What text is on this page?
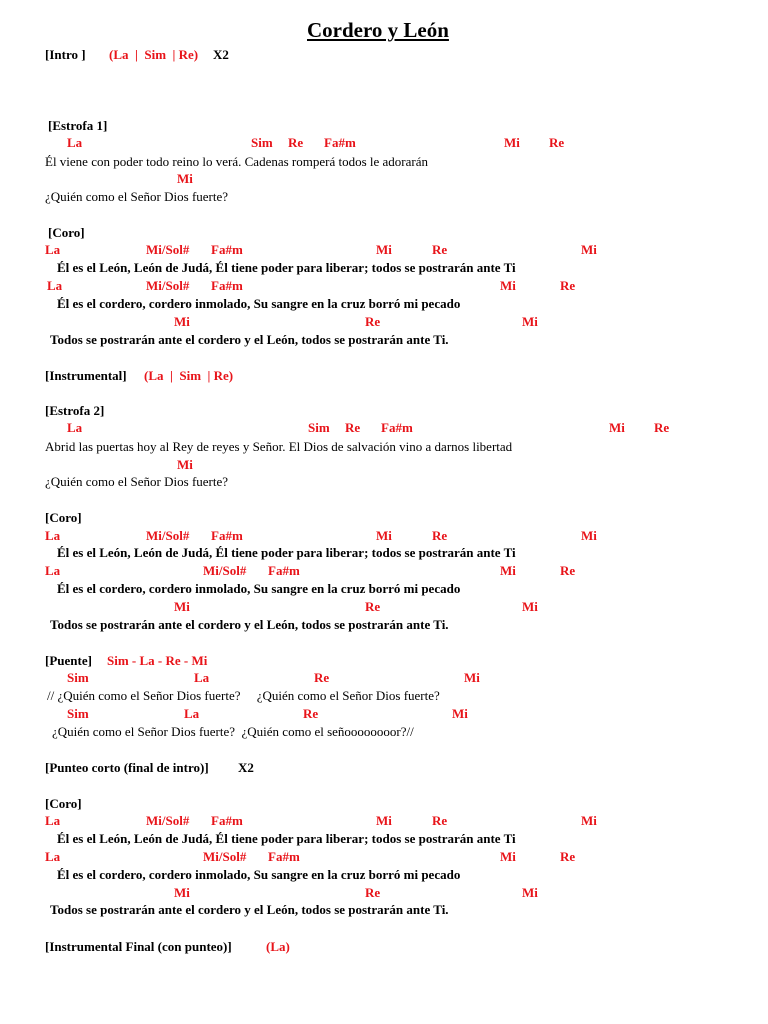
Cordero y León
[Intro ] (La  |  Sim  | Re) X2
[Estrofa 1]
La	Sim Re Fa#m	Mi Re
Él viene con poder todo reino lo verá. Cadenas romperá todos le adorarán
Mi
¿Quién como el Señor Dios fuerte?
[Coro]
La	Mi/Sol# Fa#m	Mi	Re	Mi
Él es el León, León de Judá, Él tiene poder para liberar; todos se postrarán ante Ti
La	Mi/Sol# Fa#m	Mi	Re
Él es el cordero, cordero inmolado, Su sangre en la cruz borró mi pecado
Mi	Re	Mi
Todos se postrarán ante el cordero y el León, todos se postrarán ante Ti.
[Instrumental] (La  |  Sim  | Re)
[Estrofa 2]
La	Sim Re Fa#m	Mi Re
Abrid las puertas hoy al Rey de reyes y Señor. El Dios de salvación vino a darnos libertad
Mi
¿Quién como el Señor Dios fuerte?
[Coro]
La	Mi/Sol# Fa#m	Mi	Re	Mi
Él es el León, León de Judá, Él tiene poder para liberar; todos se postrarán ante Ti
La	Mi/Sol# Fa#m	Mi	Re
Él es el cordero, cordero inmolado, Su sangre en la cruz borró mi pecado
Mi	Re	Mi
Todos se postrarán ante el cordero y el León, todos se postrarán ante Ti.
[Puente] Sim - La - Re - Mi
Sim	La	Re	Mi
// ¿Quién como el Señor Dios fuerte?     ¿Quién como el Señor Dios fuerte?
Sim	La	Re	Mi
¿Quién como el Señor Dios fuerte?  ¿Quién como el señoooooooor?//
[Punteo corto (final de intro)] X2
[Coro]
La	Mi/Sol# Fa#m	Mi	Re	Mi
Él es el León, León de Judá, Él tiene poder para liberar; todos se postrarán ante Ti
La	Mi/Sol# Fa#m	Mi	Re
Él es el cordero, cordero inmolado, Su sangre en la cruz borró mi pecado
Mi	Re	Mi
Todos se postrarán ante el cordero y el León, todos se postrarán ante Ti.
[Instrumental Final (con punteo)]	(La)
